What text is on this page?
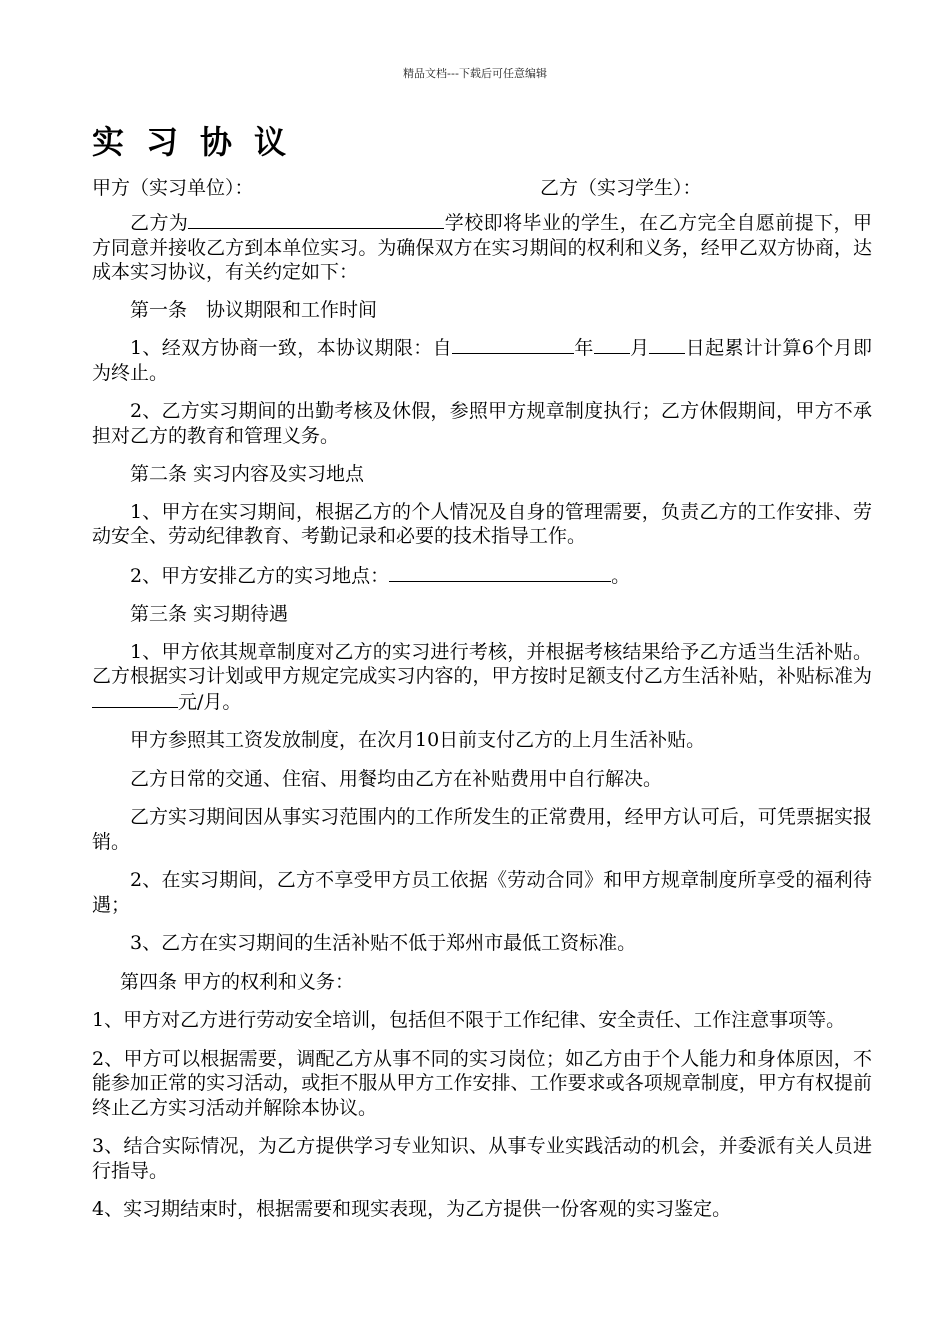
精品文档---下载后可任意编辑
实习协议
甲方（实习单位）：	乙方（实习学生）：

乙方为	学校即将毕业的学生，在乙方完全自愿前提下，甲方同意并接收乙方到本单位实习。为确保双方在实习期间的权利和义务，经甲乙双方协商，达成本实习协议，有关约定如下：

第一条　协议期限和工作时间

1、经双方协商一致，本协议期限：自	年 月 日起累计计算6个月即为终止。

2、乙方实习期间的出勤考核及休假，参照甲方规章制度执行；乙方休假期间，甲方不承担对乙方的教育和管理义务。

第二条 实习内容及实习地点

1、甲方在实习期间，根据乙方的个人情况及自身的管理需要，负责乙方的工作安排、劳动安全、劳动纪律教育、考勤记录和必要的技术指导工作。

2、甲方安排乙方的实习地点：	。

第三条 实习期待遇

1、甲方依其规章制度对乙方的实习进行考核，并根据考核结果给予乙方适当生活补贴。乙方根据实习计划或甲方规定完成实习内容的，甲方按时足额支付乙方生活补贴，补贴标准为元/月。

甲方参照其工资发放制度，在次月10日前支付乙方的上月生活补贴。

乙方日常的交通、住宿、用餐均由乙方在补贴费用中自行解决。

乙方实习期间因从事实习范围内的工作所发生的正常费用，经甲方认可后，可凭票据实报销。

2、在实习期间，乙方不享受甲方员工依据《劳动合同》和甲方规章制度所享受的福利待遇；

3、乙方在实习期间的生活补贴不低于郑州市最低工资标准。

第四条 甲方的权利和义务：

1、甲方对乙方进行劳动安全培训，包括但不限于工作纪律、安全责任、工作注意事项等。

2、甲方可以根据需要，调配乙方从事不同的实习岗位；如乙方由于个人能力和身体原因，不能参加正常的实习活动，或拒不服从甲方工作安排、工作要求或各项规章制度，甲方有权提前终止乙方实习活动并解除本协议。

3、结合实际情况，为乙方提供学习专业知识、从事专业实践活动的机会，并委派有关人员进行指导。

4、实习期结束时，根据需要和现实表现，为乙方提供一份客观的实习鉴定。
